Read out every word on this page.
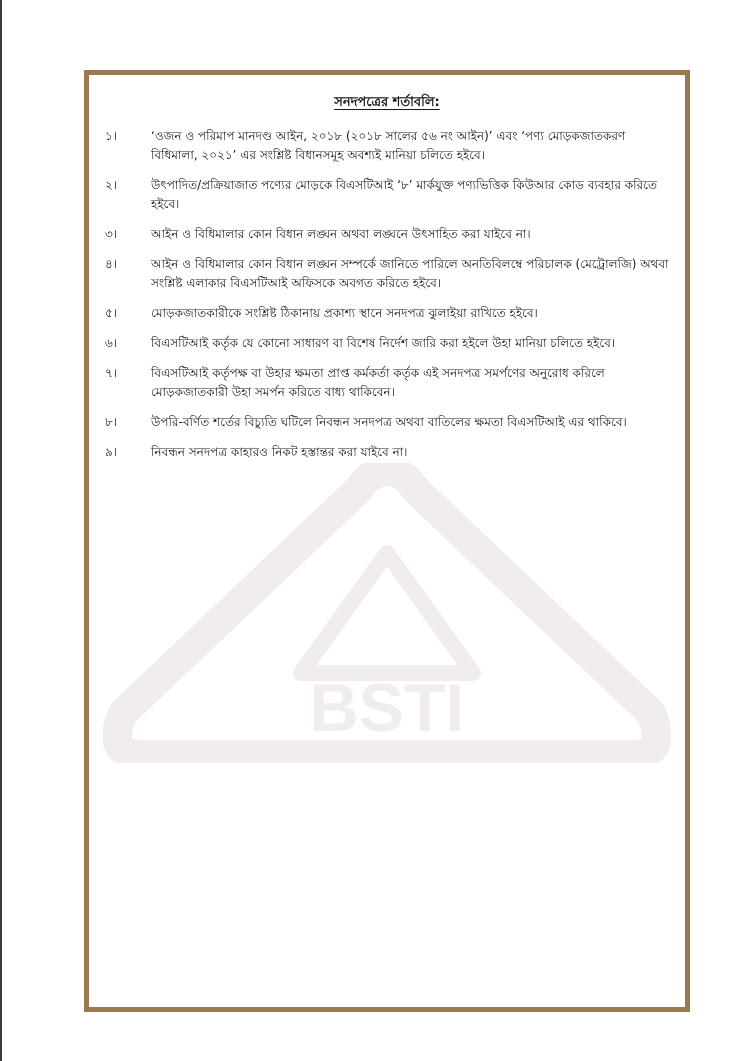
BSTI
সনদপত্রের শর্তাবলি:
১।	‘ওজন ও পরিমাপ মানদণ্ড আইন, ২০১৮ (২০১৮ সালের ৫৬ নং আইন)’ এবং ‘পণ্য মোড়কজাতকরণ বিধিমালা, ২০২১’ এর সংশ্লিষ্ট বিধানসমূহ অবশ্যই মানিয়া চলিতে হইবে।
২।	উৎপাদিত/প্রক্রিয়াজাত পণ্যের মোড়কে বিএসটিআই ‘৮’ মার্কযুক্ত পণ্যভিত্তিক কিউআর কোড ব্যবহার করিতে হইবে।
৩।	আইন ও বিধিমালার কোন বিধান লঙ্ঘন অথবা লঙ্ঘনে উৎসাহিত করা যাইবে না।
৪।	আইন ও বিধিমালার কোন বিধান লঙ্ঘন সম্পর্কে জানিতে পারিলে অনতিবিলম্বে পরিচালক (মেট্রোলজি) অথবা সংশ্লিষ্ট এলাকার বিএসটিআই অফিসকে অবগত করিতে হইবে।
৫।	মোড়কজাতকারীকে সংশ্লিষ্ট ঠিকানায় প্রকাশ্য স্থানে সনদপত্র ঝুলাইয়া রাখিতে হইবে।
৬।	বিএসটিআই কর্তৃক যে কোনো সাধারণ বা বিশেষ নির্দেশ জারি করা হইলে উহা মানিয়া চলিতে হইবে।
৭।	বিএসটিআই কর্তৃপক্ষ বা উহার ক্ষমতা প্রাপ্ত কর্মকর্তা কর্তৃক এই সনদপত্র সমর্পণের অনুরোধ করিলে মোড়কজাতকারী উহা সমর্পন করিতে বাধ্য থাকিবেন।
৮।	উপরি-বর্ণিত শর্তের বিচ্যুতি ঘটিলে নিবন্ধন সনদপত্র অথবা বাতিলের ক্ষমতা বিএসটিআই এর থাকিবে।
৯।	নিবন্ধন সনদপত্র কাহারও নিকট হস্তান্তর করা যাইবে না।
